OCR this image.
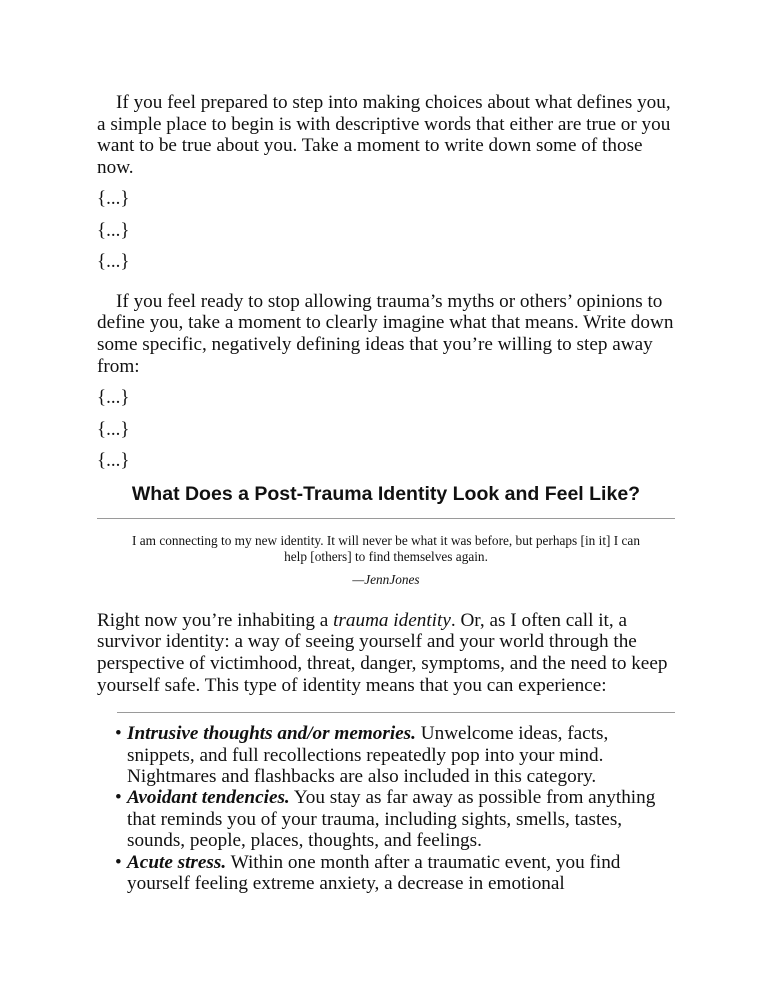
If you feel prepared to step into making choices about what defines you, a simple place to begin is with descriptive words that either are true or you want to be true about you. Take a moment to write down some of those now.

{...}

{...}

{...}

If you feel ready to stop allowing trauma’s myths or others’ opinions to define you, take a moment to clearly imagine what that means. Write down some specific, negatively defining ideas that you’re willing to step away from:

{...}

{...}

{...}

What Does a Post-Trauma Identity Look and Feel Like?

I am connecting to my new identity. It will never be what it was before, but perhaps [in it] I can help [others] to find themselves again.

—JennJones

Right now you’re inhabiting a trauma identity. Or, as I often call it, a survivor identity: a way of seeing yourself and your world through the perspective of victimhood, threat, danger, symptoms, and the need to keep yourself safe. This type of identity means that you can experience:

• Intrusive thoughts and/or memories. Unwelcome ideas, facts, snippets, and full recollections repeatedly pop into your mind. Nightmares and flashbacks are also included in this category.
• Avoidant tendencies. You stay as far away as possible from anything that reminds you of your trauma, including sights, smells, tastes, sounds, people, places, thoughts, and feelings.
• Acute stress. Within one month after a traumatic event, you find yourself feeling extreme anxiety, a decrease in emotional
